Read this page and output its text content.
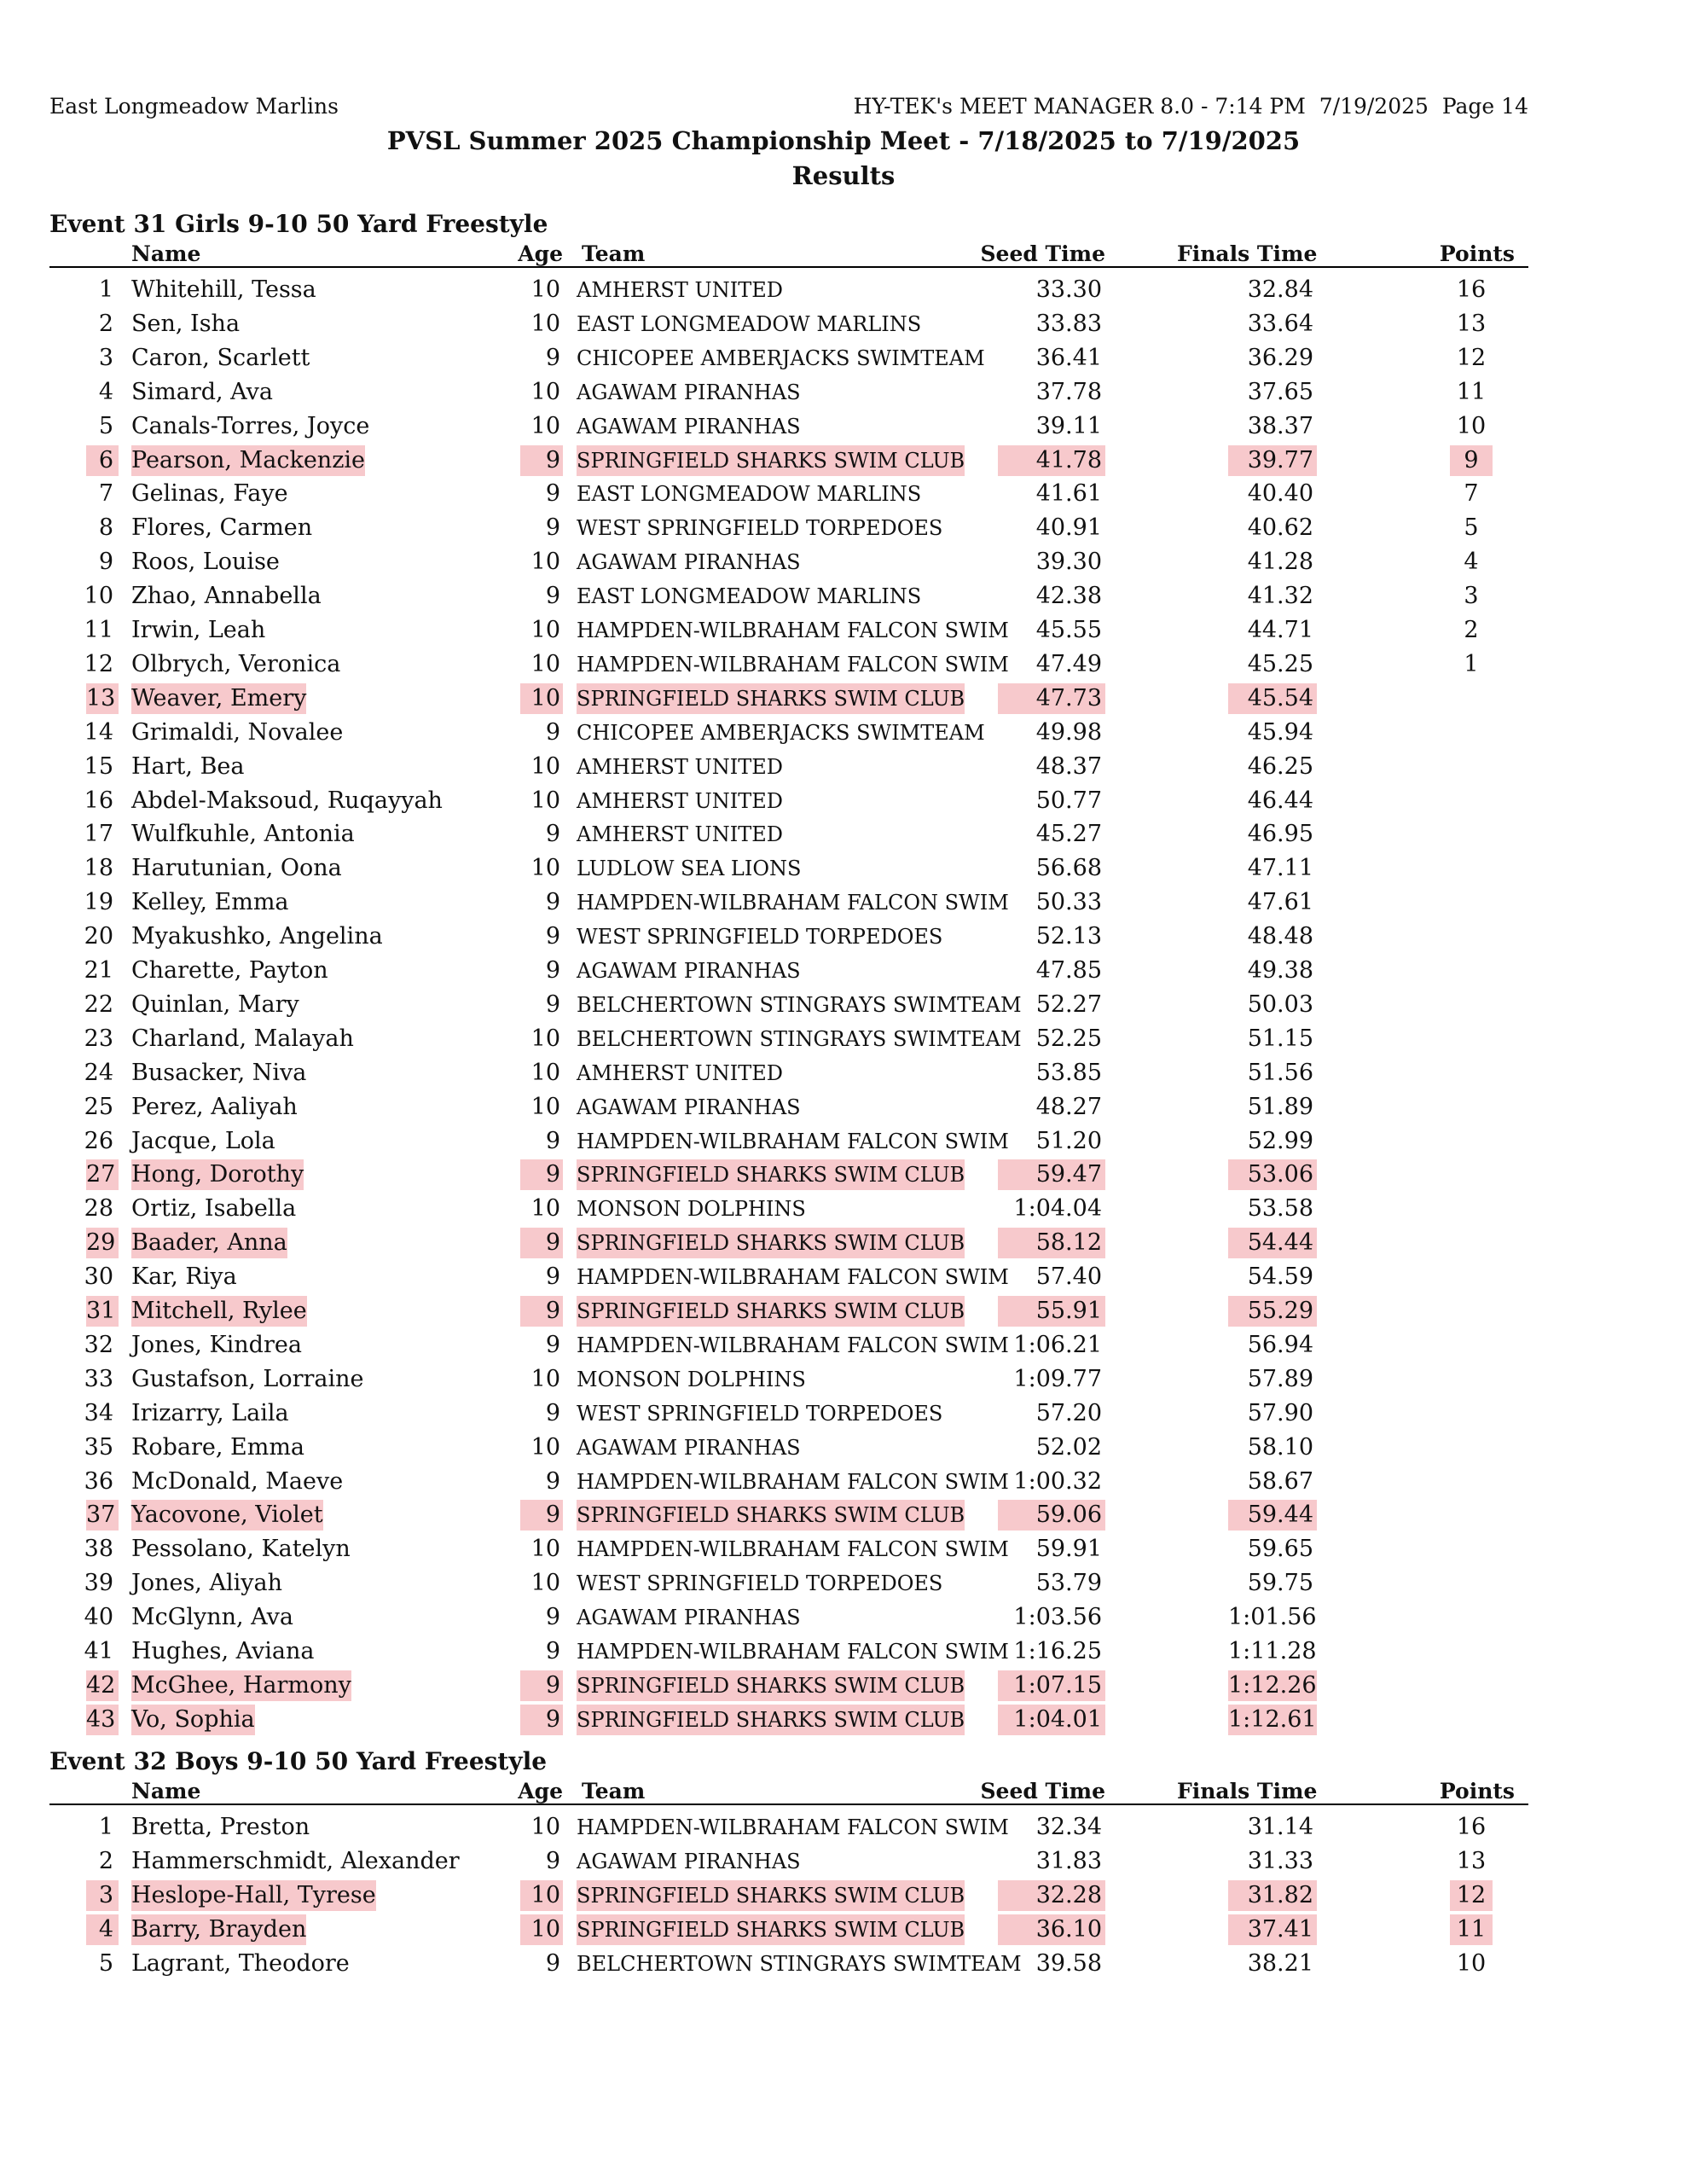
East Longmeadow Marlins	HY-TEK's MEET MANAGER 8.0 - 7:14 PM  7/19/2025  Page 14
PVSL Summer 2025 Championship Meet - 7/18/2025 to 7/19/2025
Results
Event 31 Girls 9-10 50 Yard Freestyle
Name	Age Team	Seed Time	Finals Time	Points
1 Whitehill, Tessa	10 AMHERST UNITED	33.30	32.84	16
2 Sen, Isha	10 EAST LONGMEADOW MARLINS	33.83	33.64	13
3 Caron, Scarlett	9 CHICOPEE AMBERJACKS SWIMTEAM	36.41	36.29	12
4 Simard, Ava	10 AGAWAM PIRANHAS	37.78	37.65	11
5 Canals-Torres, Joyce	10 AGAWAM PIRANHAS	39.11	38.37	10
6 Pearson, Mackenzie	9 SPRINGFIELD SHARKS SWIM CLUB	41.78	39.77	9
7 Gelinas, Faye	9 EAST LONGMEADOW MARLINS	41.61	40.40	7
8 Flores, Carmen	9 WEST SPRINGFIELD TORPEDOES	40.91	40.62	5
9 Roos, Louise	10 AGAWAM PIRANHAS	39.30	41.28	4
10 Zhao, Annabella	9 EAST LONGMEADOW MARLINS	42.38	41.32	3
11 Irwin, Leah	10 HAMPDEN-WILBRAHAM FALCON SWIM	45.55	44.71	2
12 Olbrych, Veronica	10 HAMPDEN-WILBRAHAM FALCON SWIM	47.49	45.25	1
13 Weaver, Emery	10 SPRINGFIELD SHARKS SWIM CLUB	47.73	45.54
14 Grimaldi, Novalee	9 CHICOPEE AMBERJACKS SWIMTEAM	49.98	45.94
15 Hart, Bea	10 AMHERST UNITED	48.37	46.25
16 Abdel-Maksoud, Ruqayyah	10 AMHERST UNITED	50.77	46.44
17 Wulfkuhle, Antonia	9 AMHERST UNITED	45.27	46.95
18 Harutunian, Oona	10 LUDLOW SEA LIONS	56.68	47.11
19 Kelley, Emma	9 HAMPDEN-WILBRAHAM FALCON SWIM	50.33	47.61
20 Myakushko, Angelina	9 WEST SPRINGFIELD TORPEDOES	52.13	48.48
21 Charette, Payton	9 AGAWAM PIRANHAS	47.85	49.38
22 Quinlan, Mary	9 BELCHERTOWN STINGRAYS SWIMTEAM 52.27	50.03
23 Charland, Malayah	10 BELCHERTOWN STINGRAYS SWIMTEAM 52.25	51.15
24 Busacker, Niva	10 AMHERST UNITED	53.85	51.56
25 Perez, Aaliyah	10 AGAWAM PIRANHAS	48.27	51.89
26 Jacque, Lola	9 HAMPDEN-WILBRAHAM FALCON SWIM	51.20	52.99
27 Hong, Dorothy	9 SPRINGFIELD SHARKS SWIM CLUB	59.47	53.06
28 Ortiz, Isabella	10 MONSON DOLPHINS	1:04.04	53.58
29 Baader, Anna	9 SPRINGFIELD SHARKS SWIM CLUB	58.12	54.44
30 Kar, Riya	9 HAMPDEN-WILBRAHAM FALCON SWIM	57.40	54.59
31 Mitchell, Rylee	9 SPRINGFIELD SHARKS SWIM CLUB	55.91	55.29
32 Jones, Kindrea	9 HAMPDEN-WILBRAHAM FALCON SWIM 1:06.21	56.94
33 Gustafson, Lorraine	10 MONSON DOLPHINS	1:09.77	57.89
34 Irizarry, Laila	9 WEST SPRINGFIELD TORPEDOES	57.20	57.90
35 Robare, Emma	10 AGAWAM PIRANHAS	52.02	58.10
36 McDonald, Maeve	9 HAMPDEN-WILBRAHAM FALCON SWIM 1:00.32	58.67
37 Yacovone, Violet	9 SPRINGFIELD SHARKS SWIM CLUB	59.06	59.44
38 Pessolano, Katelyn	10 HAMPDEN-WILBRAHAM FALCON SWIM	59.91	59.65
39 Jones, Aliyah	10 WEST SPRINGFIELD TORPEDOES	53.79	59.75
40 McGlynn, Ava	9 AGAWAM PIRANHAS	1:03.56	1:01.56
41 Hughes, Aviana	9 HAMPDEN-WILBRAHAM FALCON SWIM 1:16.25	1:11.28
42 McGhee, Harmony	9 SPRINGFIELD SHARKS SWIM CLUB	1:07.15	1:12.26
43 Vo, Sophia	9 SPRINGFIELD SHARKS SWIM CLUB	1:04.01	1:12.61
Event 32 Boys 9-10 50 Yard Freestyle
Name	Age Team	Seed Time	Finals Time	Points
1 Bretta, Preston	10 HAMPDEN-WILBRAHAM FALCON SWIM	32.34	31.14	16
2 Hammerschmidt, Alexander	9 AGAWAM PIRANHAS	31.83	31.33	13
3 Heslope-Hall, Tyrese	10 SPRINGFIELD SHARKS SWIM CLUB	32.28	31.82	12
4 Barry, Brayden	10 SPRINGFIELD SHARKS SWIM CLUB	36.10	37.41	11
5 Lagrant, Theodore	9 BELCHERTOWN STINGRAYS SWIMTEAM 39.58	38.21	10
